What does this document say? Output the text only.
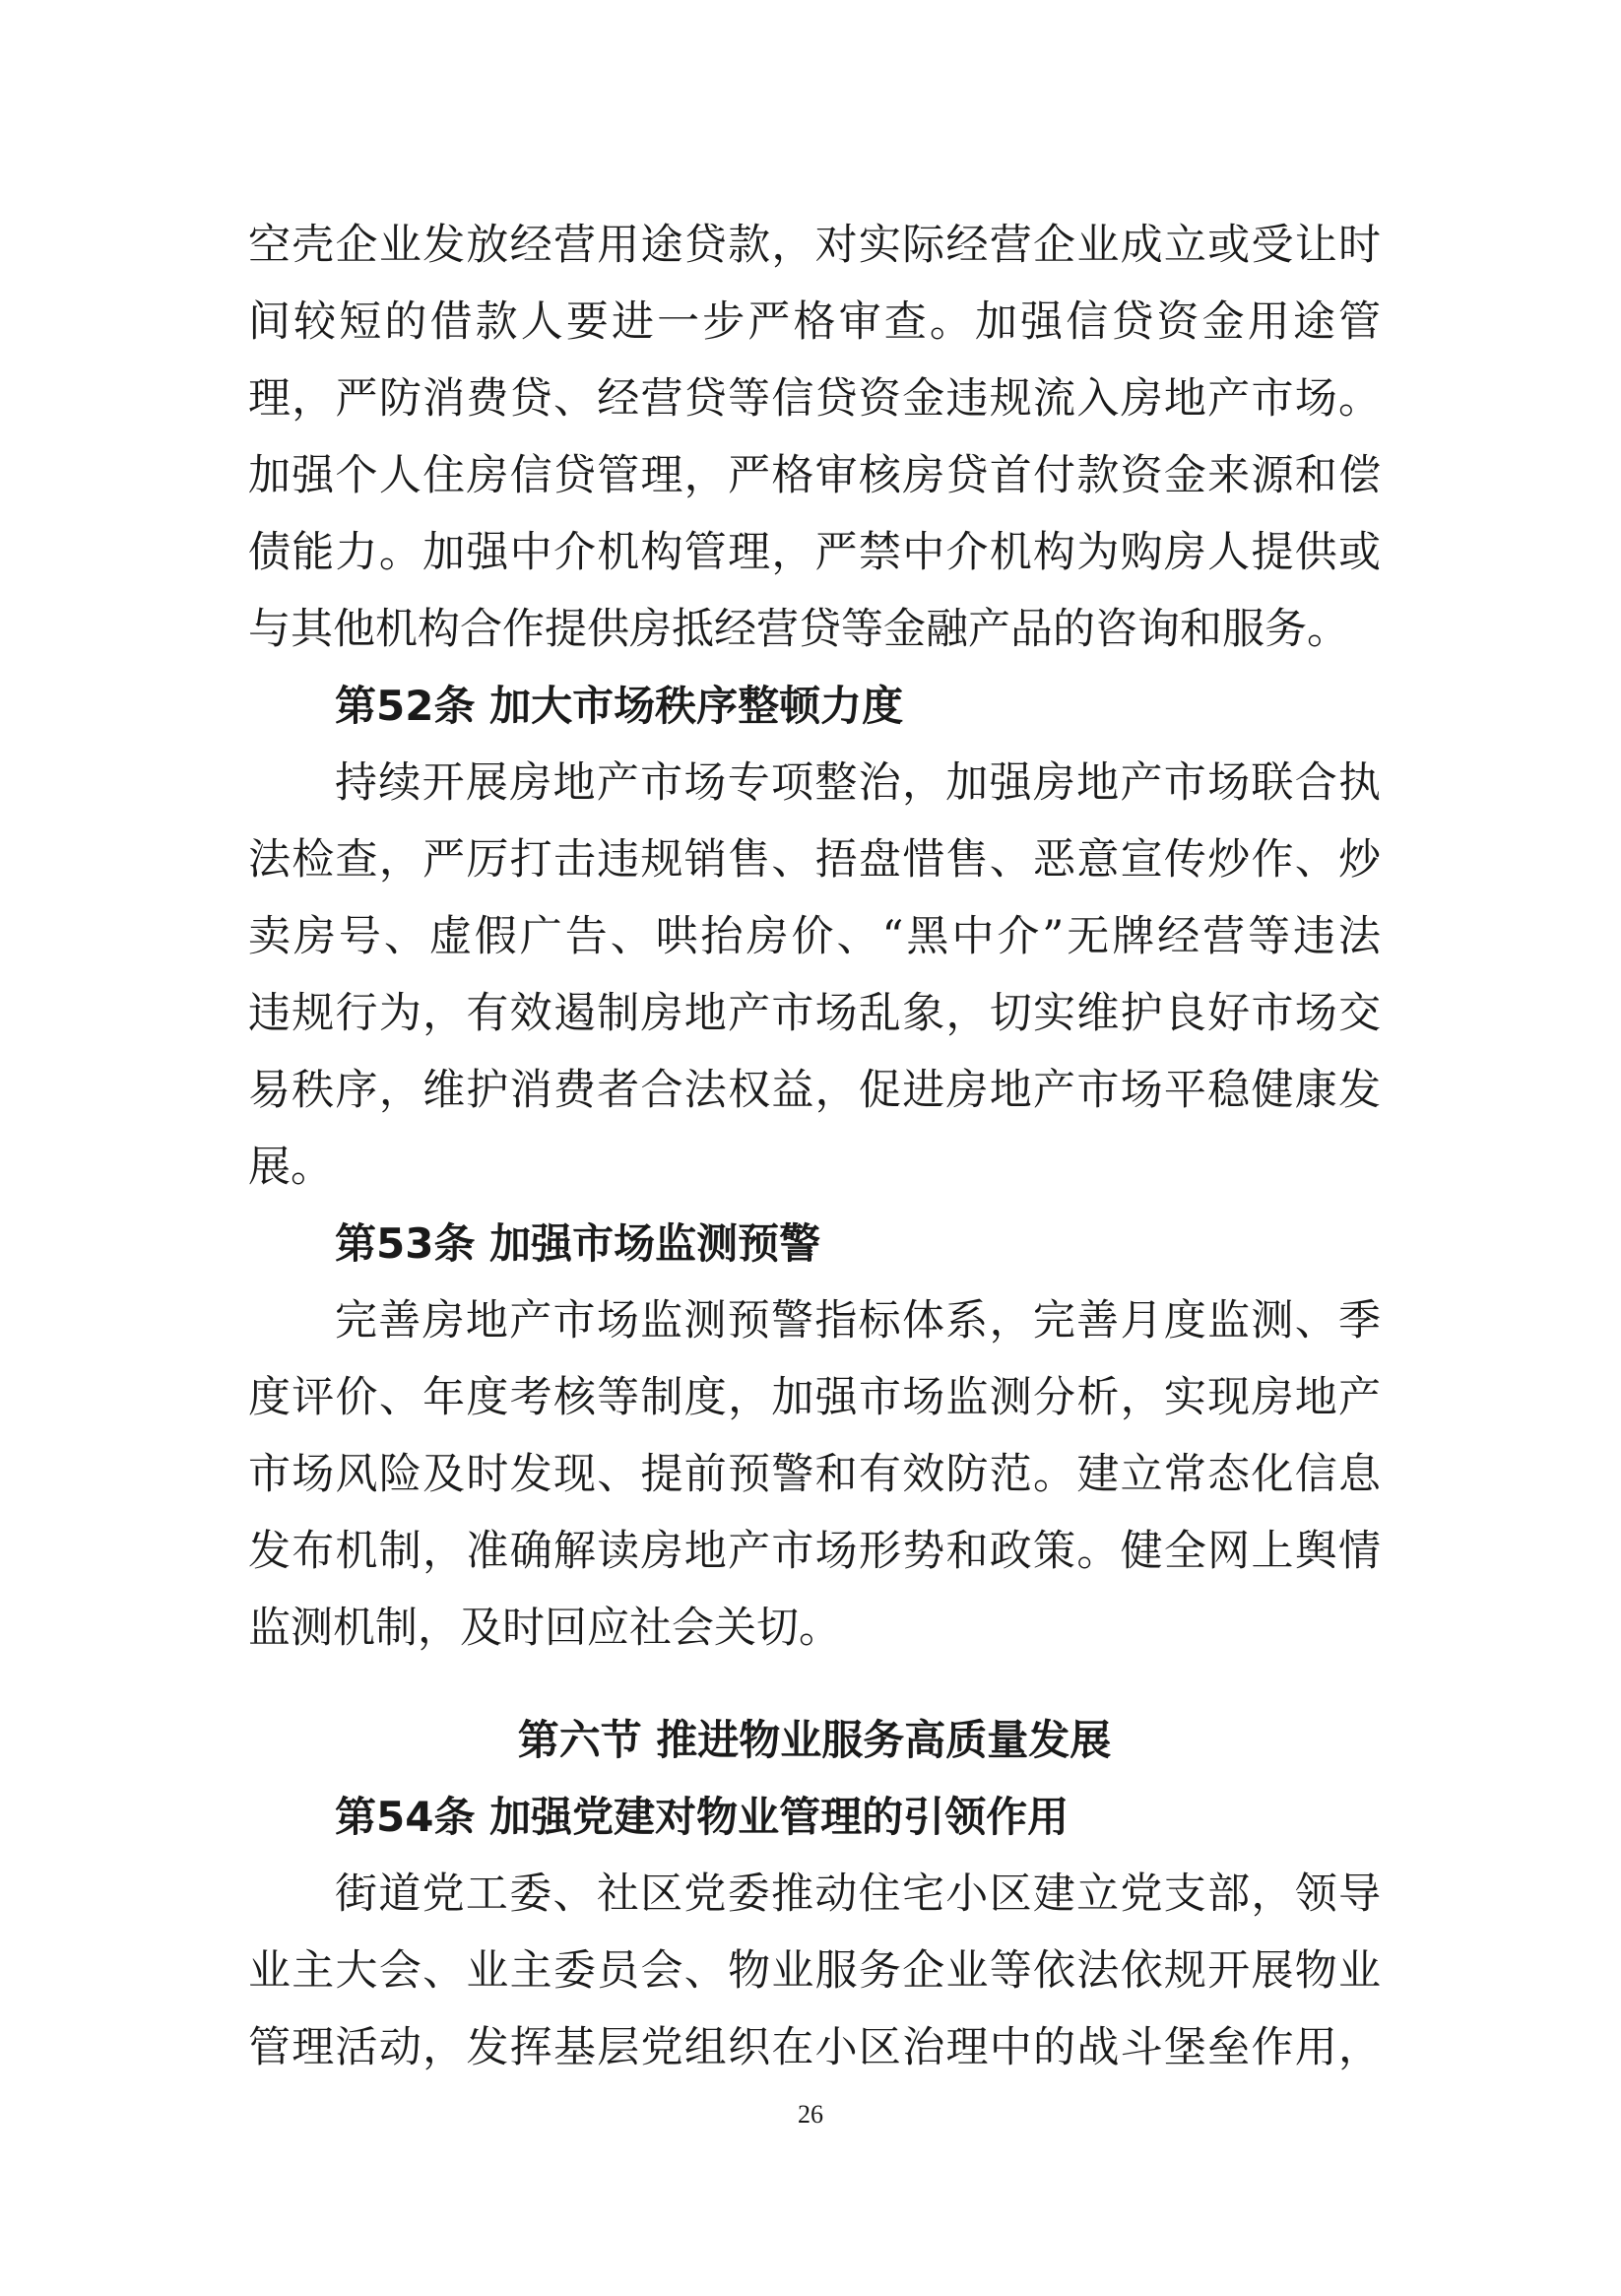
空壳企业发放经营用途贷款，对实际经营企业成立或受让时
间较短的借款人要进一步严格审查。加强信贷资金用途管
理，严防消费贷、经营贷等信贷资金违规流入房地产市场。
加强个人住房信贷管理，严格审核房贷首付款资金来源和偿
债能力。加强中介机构管理，严禁中介机构为购房人提供或
与其他机构合作提供房抵经营贷等金融产品的咨询和服务。
第52条 加大市场秩序整顿力度
持续开展房地产市场专项整治，加强房地产市场联合执
法检查，严厉打击违规销售、捂盘惜售、恶意宣传炒作、炒
卖房号、虚假广告、哄抬房价、“黑中介”无牌经营等违法
违规行为，有效遏制房地产市场乱象，切实维护良好市场交
易秩序，维护消费者合法权益，促进房地产市场平稳健康发
展。
第53条 加强市场监测预警
完善房地产市场监测预警指标体系，完善月度监测、季
度评价、年度考核等制度，加强市场监测分析，实现房地产
市场风险及时发现、提前预警和有效防范。建立常态化信息
发布机制，准确解读房地产市场形势和政策。健全网上舆情
监测机制，及时回应社会关切。
第六节 推进物业服务高质量发展
第54条 加强党建对物业管理的引领作用
街道党工委、社区党委推动住宅小区建立党支部，领导
业主大会、业主委员会、物业服务企业等依法依规开展物业
管理活动，发挥基层党组织在小区治理中的战斗堡垒作用，
26
